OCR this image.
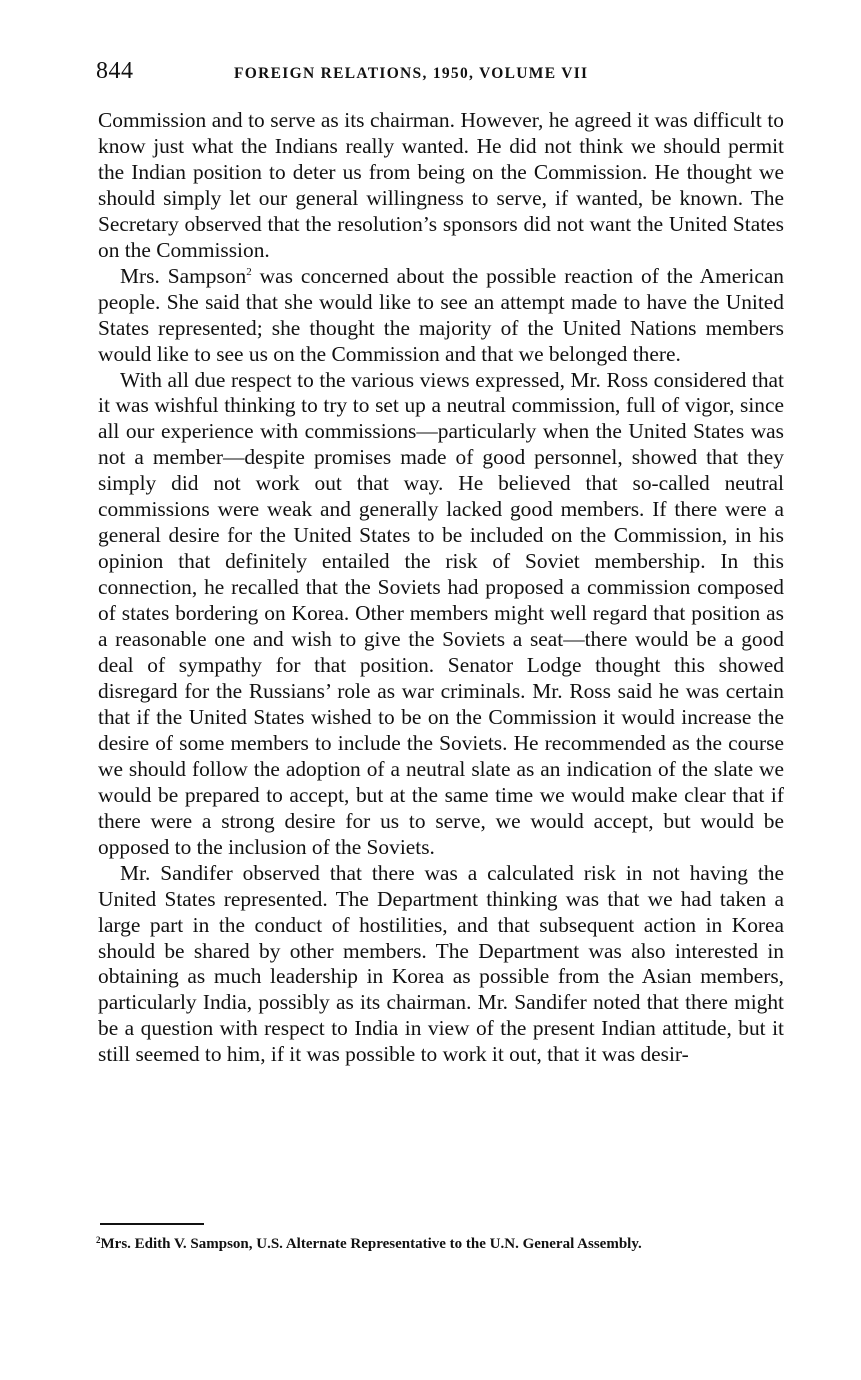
844	FOREIGN RELATIONS, 1950, VOLUME VII

Commission and to serve as its chairman. However, he agreed it was difficult to know just what the Indians really wanted. He did not think we should permit the Indian position to deter us from being on the Commission. He thought we should simply let our general willingness to serve, if wanted, be known. The Secretary observed that the resolution’s sponsors did not want the United States on the Commission.

Mrs. Sampson$^2$ was concerned about the possible reaction of the American people. She said that she would like to see an attempt made to have the United States represented; she thought the majority of the United Nations members would like to see us on the Commission and that we belonged there.

With all due respect to the various views expressed, Mr. Ross considered that it was wishful thinking to try to set up a neutral commission, full of vigor, since all our experience with commissions—particularly when the United States was not a member—despite promises made of good personnel, showed that they simply did not work out that way. He believed that so-called neutral commissions were weak and generally lacked good members. If there were a general desire for the United States to be included on the Commission, in his opinion that definitely entailed the risk of Soviet membership. In this connection, he recalled that the Soviets had proposed a commission composed of states bordering on Korea. Other members might well regard that position as a reasonable one and wish to give the Soviets a seat—there would be a good deal of sympathy for that position. Senator Lodge thought this showed disregard for the Russians’ role as war criminals. Mr. Ross said he was certain that if the United States wished to be on the Commission it would increase the desire of some members to include the Soviets. He recommended as the course we should follow the adoption of a neutral slate as an indication of the slate we would be prepared to accept, but at the same time we would make clear that if there were a strong desire for us to serve, we would accept, but would be opposed to the inclusion of the Soviets.

Mr. Sandifer observed that there was a calculated risk in not having the United States represented. The Department thinking was that we had taken a large part in the conduct of hostilities, and that subsequent action in Korea should be shared by other members. The Department was also interested in obtaining as much leadership in Korea as possible from the Asian members, particularly India, possibly as its chairman. Mr. Sandifer noted that there might be a question with respect to India in view of the present Indian attitude, but it still seemed to him, if it was possible to work it out, that it was desir-

$^2$Mrs. Edith V. Sampson, U.S. Alternate Representative to the U.N. General Assembly.
